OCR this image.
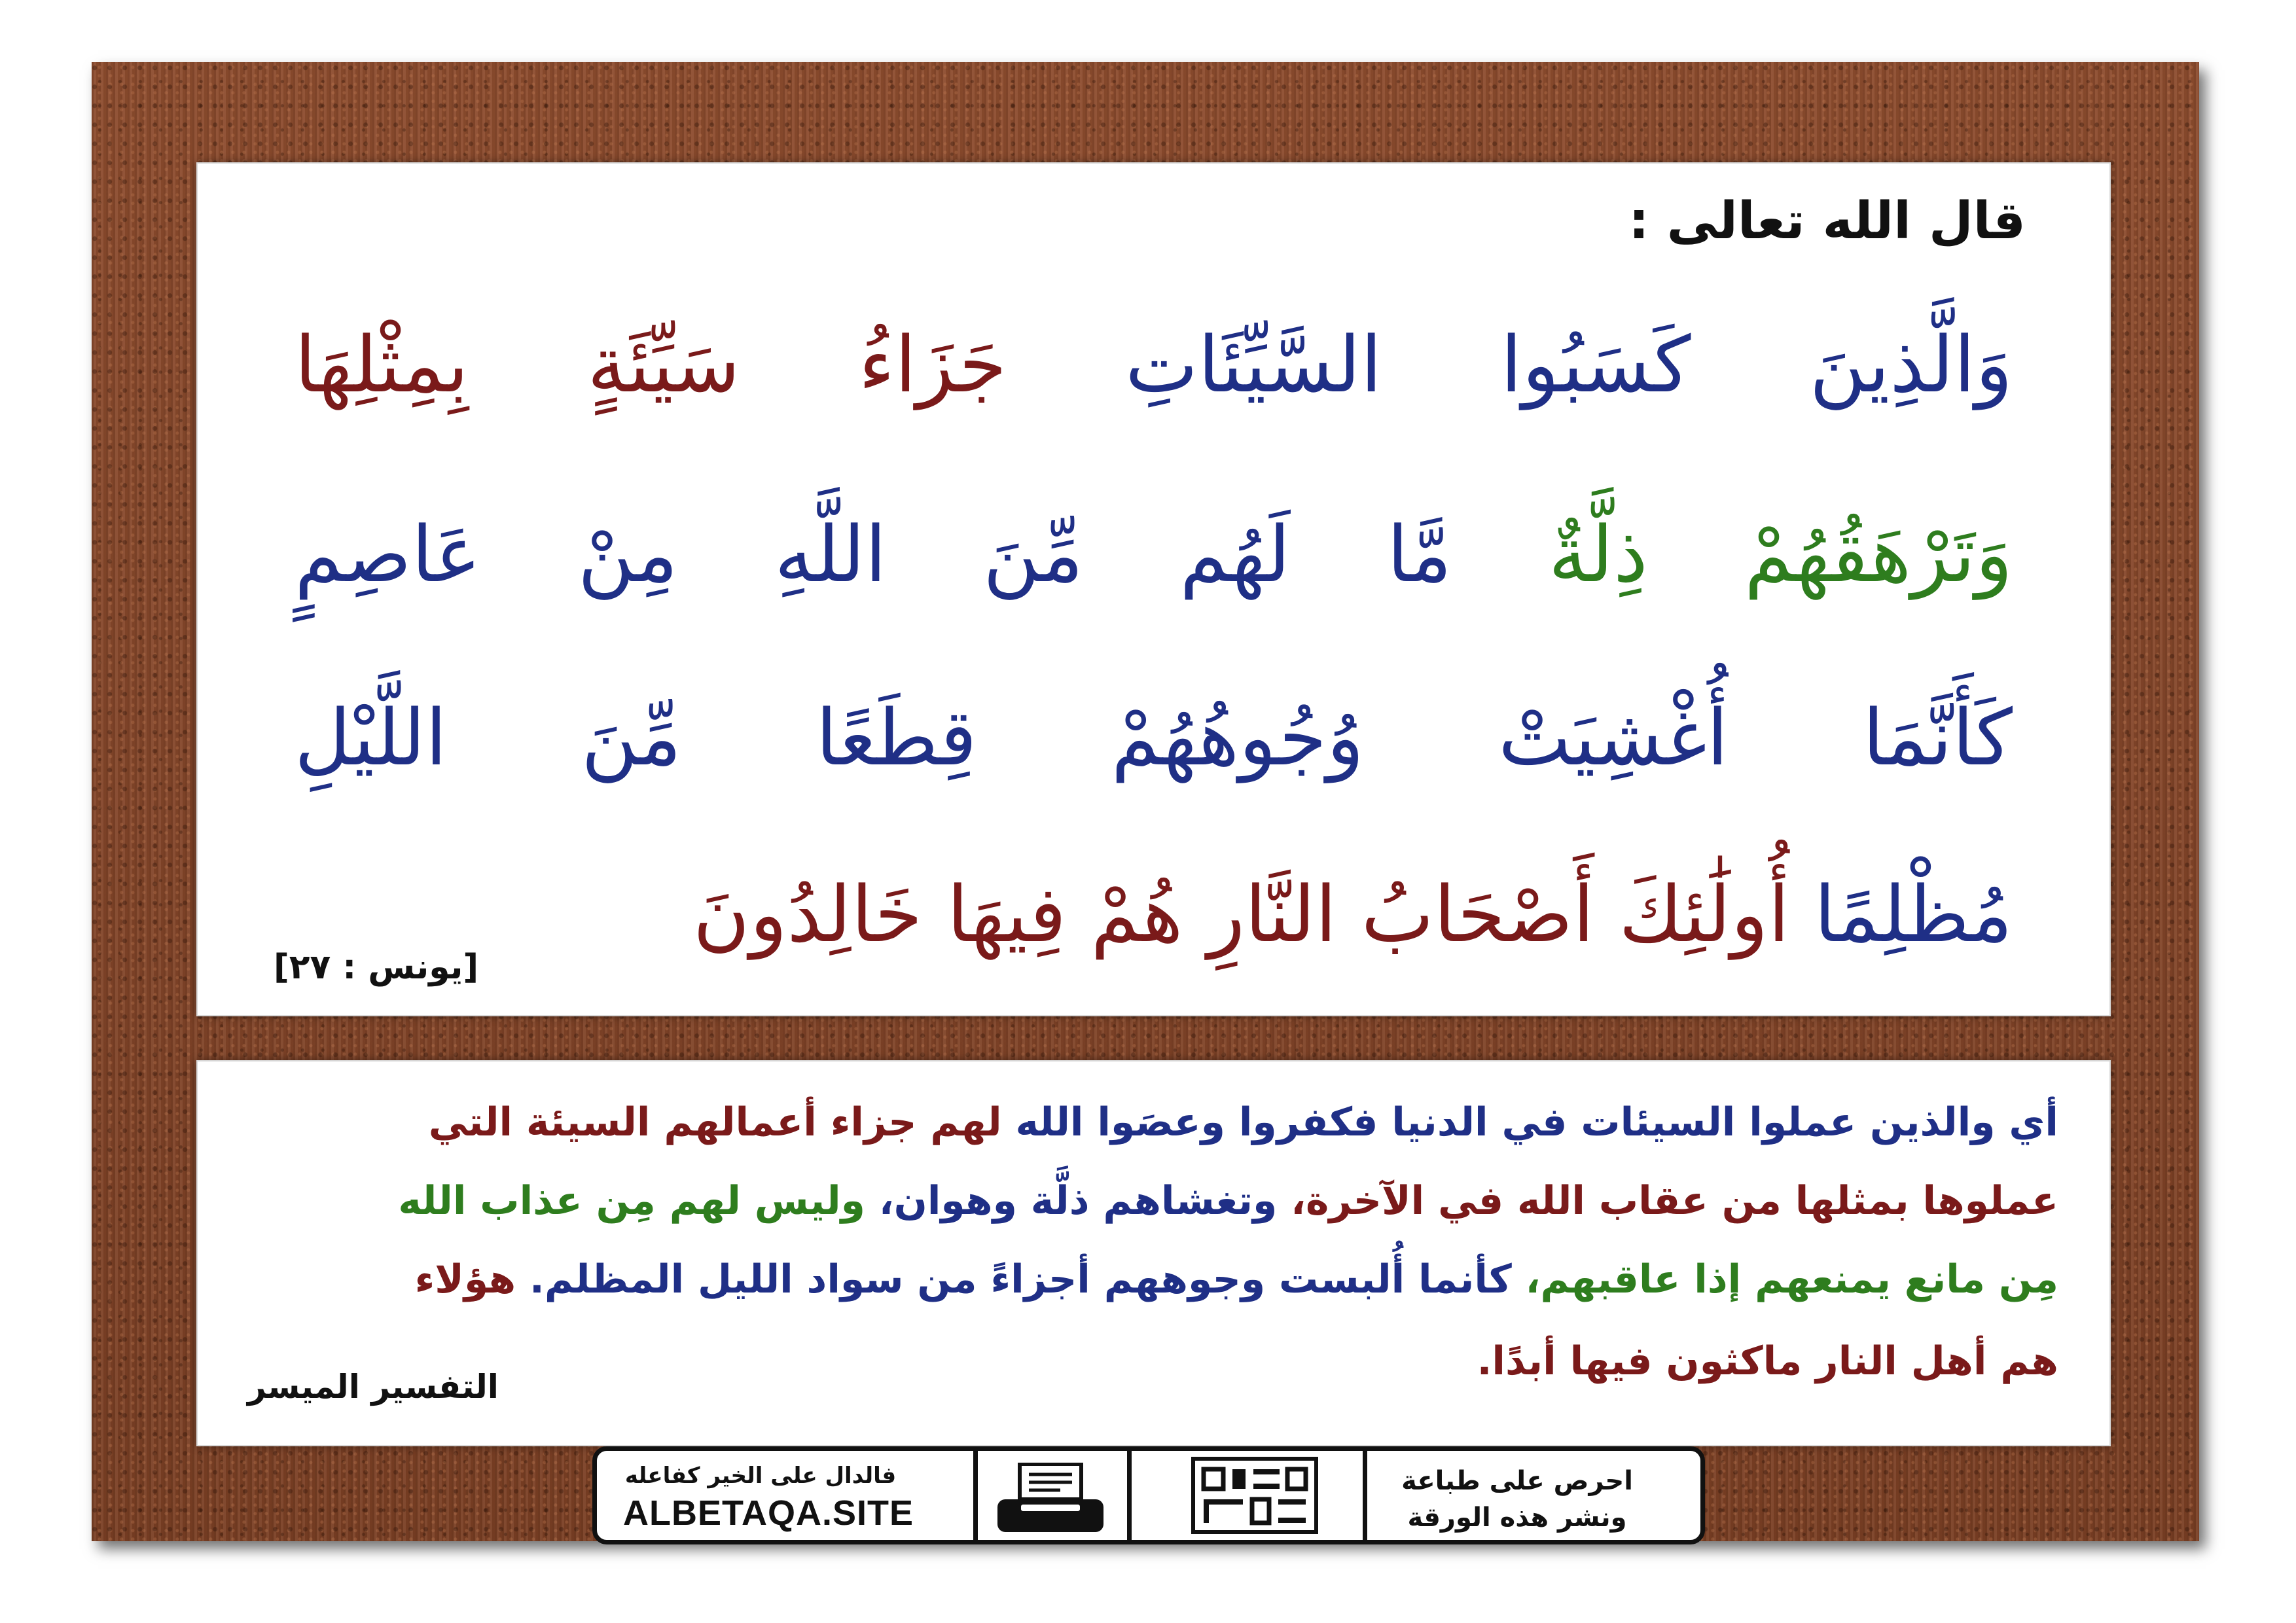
قال الله تعالى :

وَالَّذِينَ كَسَبُوا السَّيِّئَاتِ جَزَاءُ سَيِّئَةٍ بِمِثْلِهَا

وَتَرْهَقُهُمْ ذِلَّةٌ مَّا لَهُم مِّنَ اللَّهِ مِنْ عَاصِمٍ

كَأَنَّمَا أُغْشِيَتْ وُجُوهُهُمْ قِطَعًا مِّنَ اللَّيْلِ

مُظْلِمًا أُولَٰئِكَ أَصْحَابُ النَّارِ هُمْ فِيهَا خَالِدُونَ

[يونس : ٢٧]

أي والذين عملوا السيئات في الدنيا فكفروا وعصَوا الله لهم جزاء أعمالهم السيئة التي

عملوها بمثلها من عقاب الله في الآخرة، وتغشاهم ذلَّة وهوان، وليس لهم مِن عذاب الله

مِن مانع يمنعهم إذا عاقبهم، كأنما أُلبست وجوههم أجزاءً من سواد الليل المظلم. هؤلاء

هم أهل النار ماكثون فيها أبدًا.

التفسير الميسر

فالدال على الخير كفاعله

ALBETAQA.SITE

احرص على طباعة

ونشر هذه الورقة
